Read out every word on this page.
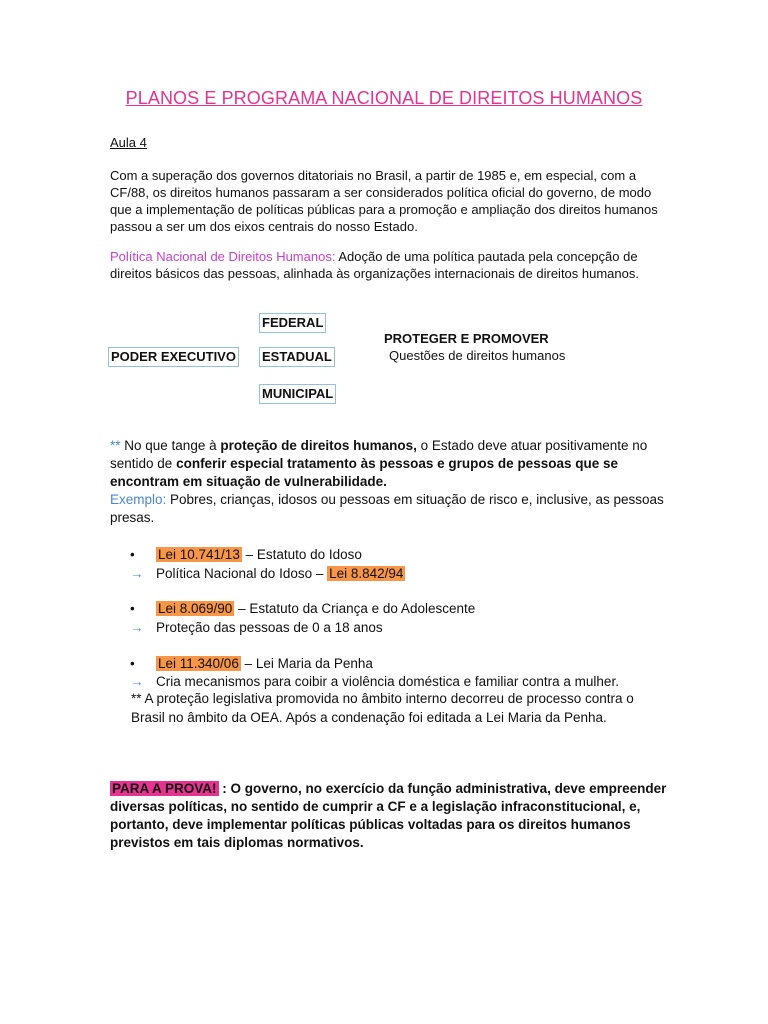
PLANOS E PROGRAMA NACIONAL DE DIREITOS HUMANOS
Aula 4
Com a superação dos governos ditatoriais no Brasil, a partir de 1985 e, em especial, com a CF/88, os direitos humanos passaram a ser considerados política oficial do governo, de modo que a implementação de políticas públicas para a promoção e ampliação dos direitos humanos passou a ser um dos eixos centrais do nosso Estado.
Política Nacional de Direitos Humanos: Adoção de uma política pautada pela concepção de direitos básicos das pessoas, alinhada às organizações internacionais de direitos humanos.
FEDERAL
PODER EXECUTIVO ESTADUAL
MUNICIPAL
PROTEGER E PROMOVER
Questões de direitos humanos
** No que tange à proteção de direitos humanos, o Estado deve atuar positivamente no sentido de conferir especial tratamento às pessoas e grupos de pessoas que se encontram em situação de vulnerabilidade.
Exemplo: Pobres, crianças, idosos ou pessoas em situação de risco e, inclusive, as pessoas presas.
• Lei 10.741/13 – Estatuto do Idoso
→ Política Nacional do Idoso – Lei 8.842/94
• Lei 8.069/90 – Estatuto da Criança e do Adolescente
→ Proteção das pessoas de 0 a 18 anos
• Lei 11.340/06 – Lei Maria da Penha
→ Cria mecanismos para coibir a violência doméstica e familiar contra a mulher.
** A proteção legislativa promovida no âmbito interno decorreu de processo contra o Brasil no âmbito da OEA. Após a condenação foi editada a Lei Maria da Penha.
PARA A PROVA! : O governo, no exercício da função administrativa, deve empreender diversas políticas, no sentido de cumprir a CF e a legislação infraconstitucional, e, portanto, deve implementar políticas públicas voltadas para os direitos humanos previstos em tais diplomas normativos.
